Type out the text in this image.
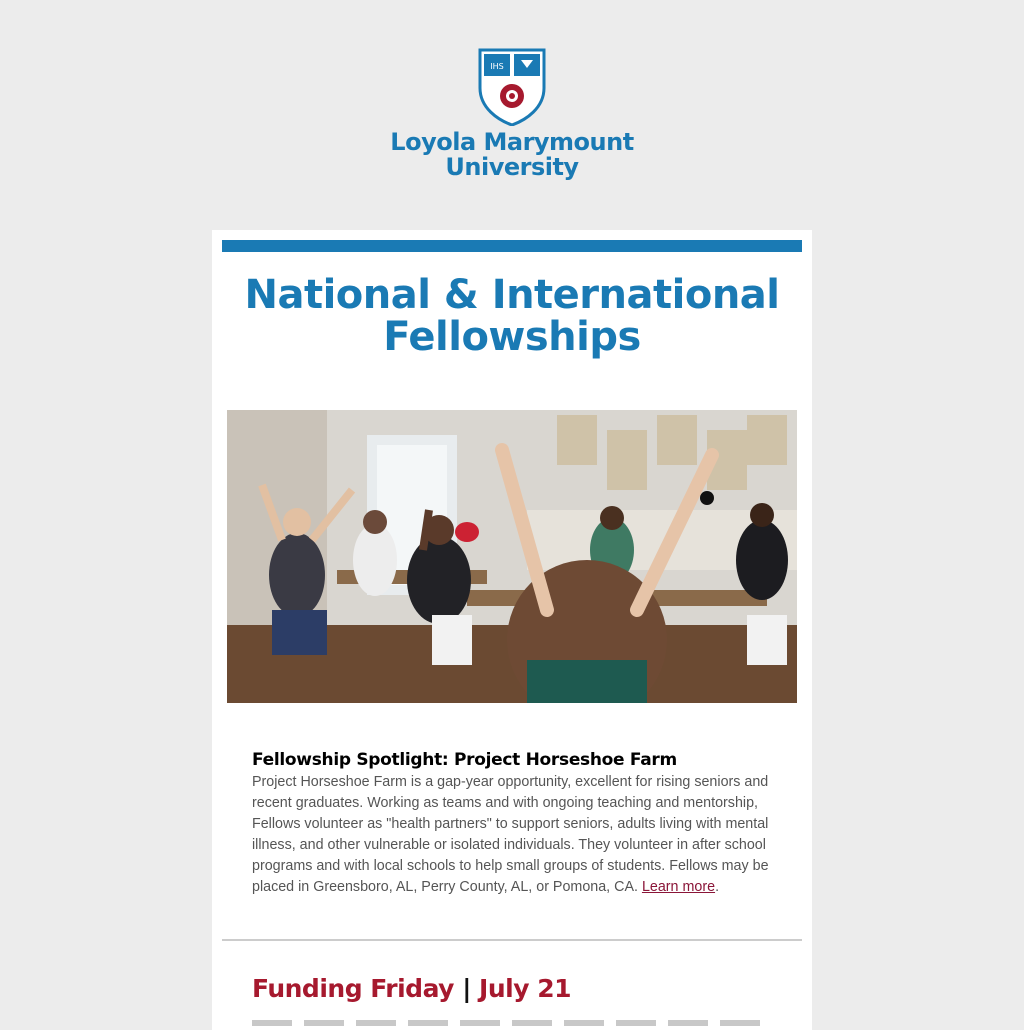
IHS
Loyola Marymount
University
National & International Fellowships
Fellowship Spotlight: Project Horseshoe Farm
Project Horseshoe Farm is a gap-year opportunity, excellent for rising seniors and recent graduates. Working as teams and with ongoing teaching and mentorship, Fellows volunteer as "health partners" to support seniors, adults living with mental illness, and other vulnerable or isolated individuals. They volunteer in after school programs and with local schools to help small groups of students. Fellows may be placed in Greensboro, AL, Perry County, AL, or Pomona, CA. Learn more.
Funding Friday | July 21
